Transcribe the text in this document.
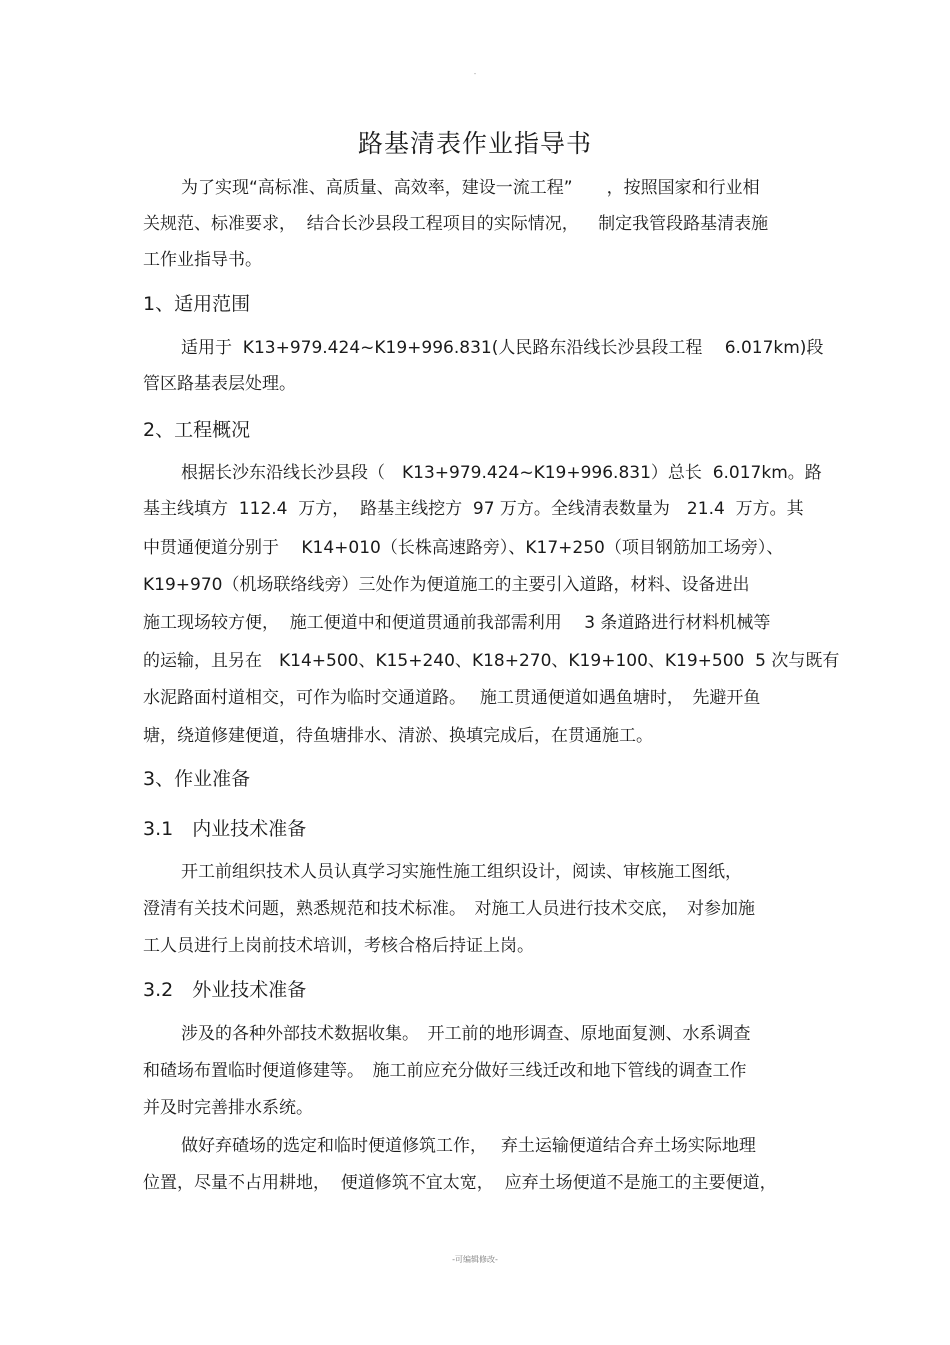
-
路基清表作业指导书
为了实现“高标准、高质量、高效率，建设一流工程”　　，按照国家和行业相
关规范、标准要求，  结合长沙县段工程项目的实际情况，　  制定我管段路基清表施
工作业指导书。
1、适用范围
适用于  K13+979.424~K19+996.831(人民路东沿线长沙县段工程　 6.017km)段
管区路基表层处理。
2、工程概况
根据长沙东沿线长沙县段（　K13+979.424~K19+996.831）总长  6.017km。路
基主线填方  112.4  万方，  路基主线挖方  97 万方。全线清表数量为　21.4  万方。其
中贯通便道分别于　 K14+010（长株高速路旁）、K17+250（项目钢筋加工场旁）、
K19+970（机场联络线旁）三处作为便道施工的主要引入道路，材料、设备进出
施工现场较方便，  施工便道中和便道贯通前我部需利用　 3 条道路进行材料机械等
的运输，且另在　K14+500、K15+240、K18+270、K19+100、K19+500  5 次与既有
水泥路面村道相交，可作为临时交通道路。　 施工贯通便道如遇鱼塘时，　先避开鱼
塘，绕道修建便道，待鱼塘排水、清淤、换填完成后，在贯通施工。
3、作业准备
3.1　内业技术准备
开工前组织技术人员认真学习实施性施工组织设计，阅读、审核施工图纸，
澄清有关技术问题，熟悉规范和技术标准。　对施工人员进行技术交底，　对参加施
工人员进行上岗前技术培训，考核合格后持证上岗。
3.2　外业技术准备
涉及的各种外部技术数据收集。　开工前的地形调查、原地面复测、水系调查
和碴场布置临时便道修建等。　施工前应充分做好三线迁改和地下管线的调查工作
并及时完善排水系统。
做好弃碴场的选定和临时便道修筑工作，　 弃土运输便道结合弃土场实际地理
位置，尽量不占用耕地，  便道修筑不宜太宽，  应弃土场便道不是施工的主要便道，
-可编辑修改-
